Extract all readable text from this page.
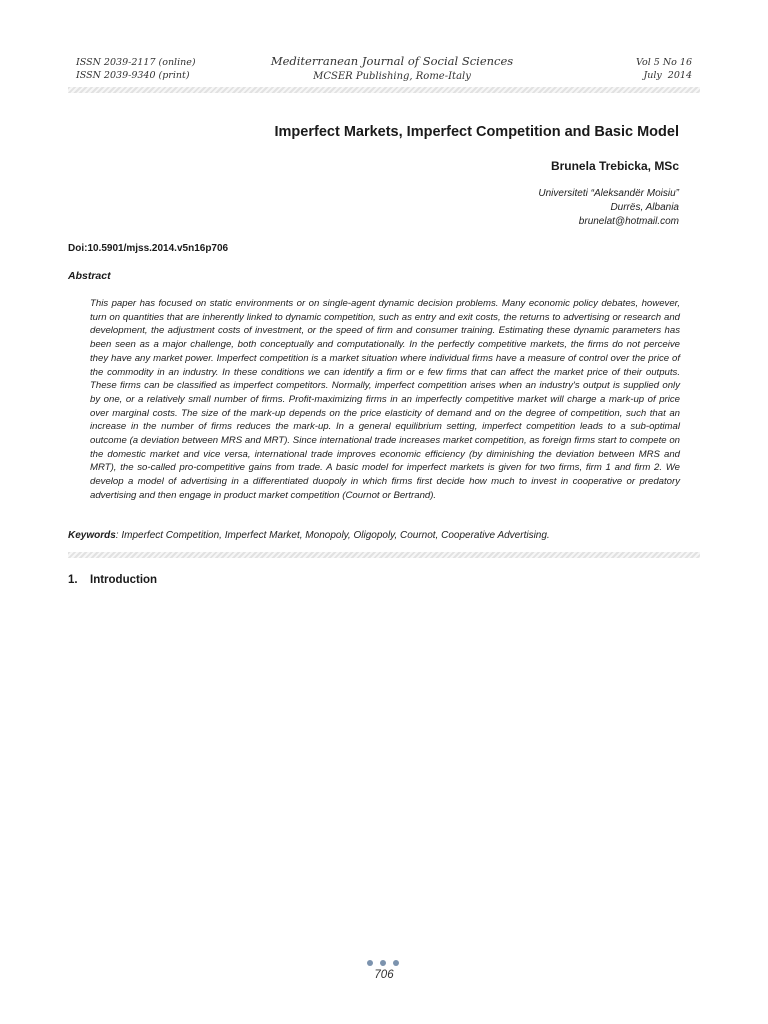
ISSN 2039-2117 (online)
ISSN 2039-9340 (print)
Mediterranean Journal of Social Sciences
MCSER Publishing, Rome-Italy
Vol 5 No 16
July  2014
Imperfect Markets, Imperfect Competition and Basic Model
Brunela Trebicka, MSc
Universiteti “Aleksandër Moisiu”
Durrës, Albania
brunelat@hotmail.com
Doi:10.5901/mjss.2014.v5n16p706
Abstract
This paper has focused on static environments or on single-agent dynamic decision problems. Many economic policy debates, however, turn on quantities that are inherently linked to dynamic competition, such as entry and exit costs, the returns to advertising or research and development, the adjustment costs of investment, or the speed of firm and consumer training. Estimating these dynamic parameters has been seen as a major challenge, both conceptually and computationally. In the perfectly competitive markets, the firms do not perceive they have any market power. Imperfect competition is a market situation where individual firms have a measure of control over the price of the commodity in an industry. In these conditions we can identify a firm or e few firms that can affect the market price of their outputs. These firms can be classified as imperfect competitors. Normally, imperfect competition arises when an industry's output is supplied only by one, or a relatively small number of firms. Profit-maximizing firms in an imperfectly competitive market will charge a mark-up of price over marginal costs. The size of the mark-up depends on the price elasticity of demand and on the degree of competition, such that an increase in the number of firms reduces the mark-up. In a general equilibrium setting, imperfect competition leads to a sub-optimal outcome (a deviation between MRS and MRT). Since international trade increases market competition, as foreign firms start to compete on the domestic market and vice versa, international trade improves economic efficiency (by diminishing the deviation between MRS and MRT), the so-called pro-competitive gains from trade. A basic model for imperfect markets is given for two firms, firm 1 and firm 2. We develop a model of advertising in a differentiated duopoly in which firms first decide how much to invest in cooperative or predatory advertising and then engage in product market competition (Cournot or Bertrand).
Keywords: Imperfect Competition, Imperfect Market, Monopoly, Oligopoly, Cournot, Cooperative Advertising.
1. Introduction
706
